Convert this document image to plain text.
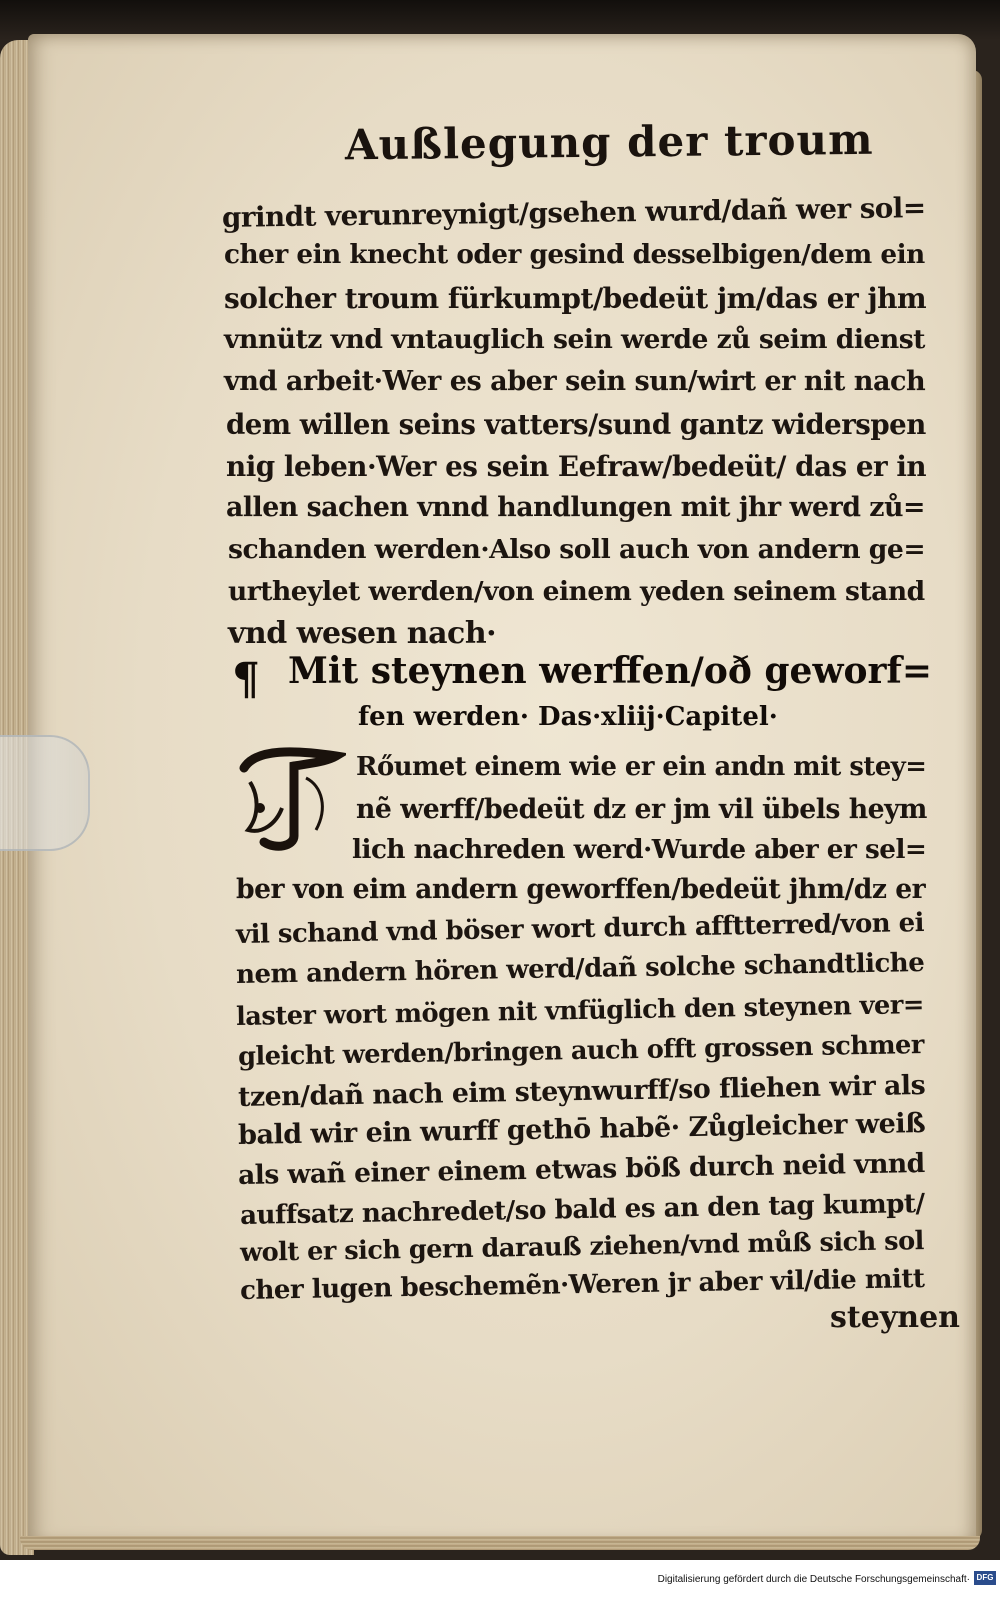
Außlegung der troum
grindt verunreynigt/gsehen wurd/dañ wer sol=
cher ein knecht oder gesind desselbigen/dem ein
solcher troum fürkumpt/bedeüt jm/das er jhm
vnnütz vnd vntauglich sein werde zů seim dienst
vnd arbeit·Wer es aber sein sun/wirt er nit nach
dem willen seins vatters/sund gantz widerspen
nig leben·Wer es sein Eefraw/bedeüt/ das er in
allen sachen vnnd handlungen mit jhr werd zů=
schanden werden·Also soll auch von andern ge=
urtheylet werden/von einem yeden seinem stand
vnd wesen nach·
¶ Mit steynen werffen/oð geworf=
fen werden· Das·xliij·Capitel·
Rőumet einem wie er ein andn mit stey=
nẽ werff/bedeüt dz er jm vil übels heym
lich nachreden werd·Wurde aber er sel=
ber von eim andern geworffen/bedeüt jhm/dz er
vil schand vnd böser wort durch afftterred/von ei
nem andern hören werd/dañ solche schandtliche
laster wort mögen nit vnfüglich den steynen ver=
gleicht werden/bringen auch offt grossen schmer
tzen/dañ nach eim steynwurff/so fliehen wir als
bald wir ein wurff gethō habẽ· Zůgleicher weiß
als wañ einer einem etwas böß durch neid vnnd
auffsatz nachredet/so bald es an den tag kumpt/
wolt er sich gern darauß ziehen/vnd můß sich sol
cher lugen beschemẽn·Weren jr aber vil/die mitt
steynen
Digitalisierung gefördert durch die Deutsche Forschungsgemeinschaft· DFG
